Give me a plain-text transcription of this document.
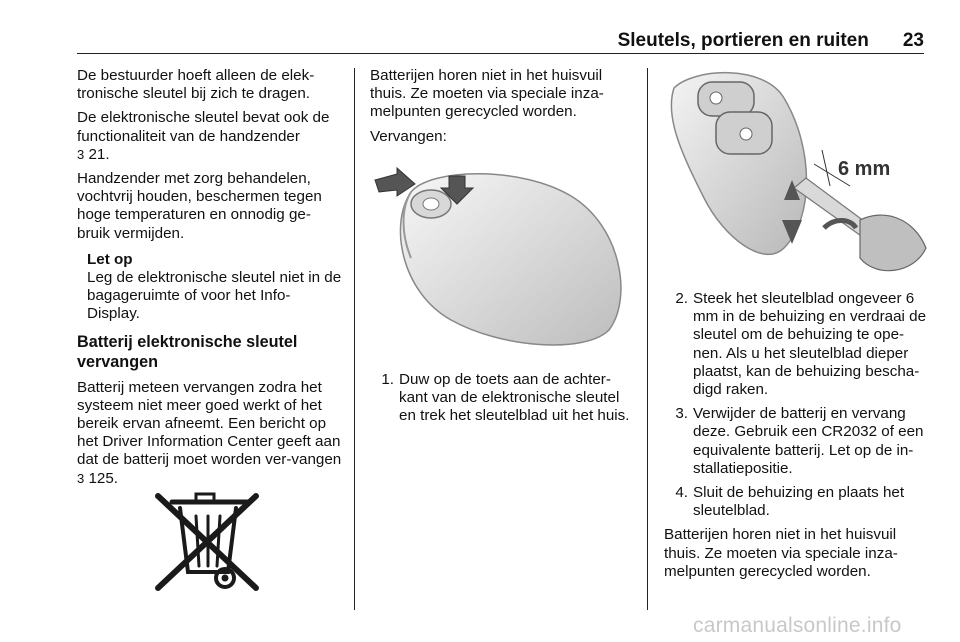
Sleutels, portieren en ruiten 23

De bestuurder hoeft alleen de elek-tronische sleutel bij zich te dragen.

De elektronische sleutel bevat ook de functionaliteit van de handzender
3 21.

Handzender met zorg behandelen, vochtvrij houden, beschermen tegen hoge temperaturen en onnodig ge-bruik vermijden.

Let op
Leg de elektronische sleutel niet in de bagageruimte of voor het Info-Display.
Batterij elektronische sleutel vervangen

Batterij meteen vervangen zodra het systeem niet meer goed werkt of het bereik ervan afneemt. Een bericht op het Driver Information Center geeft aan dat de batterij moet worden ver-vangen 3 125.

Batterijen horen niet in het huisvuil thuis. Ze moeten via speciale inza-melpunten gerecycled worden.

Vervangen:

1. Duw op de toets aan de achter-kant van de elektronische sleutel en trek het sleutelblad uit het huis.
6 mm
2. Steek het sleutelblad ongeveer 6 mm in de behuizing en verdraai de sleutel om de behuizing te ope-nen. Als u het sleutelblad dieper plaatst, kan de behuizing bescha-digd raken.
3. Verwijder de batterij en vervang deze. Gebruik een CR2032 of een equivalente batterij. Let op de in-stallatiepositie.
4. Sluit de behuizing en plaats het sleutelblad.

Batterijen horen niet in het huisvuil thuis. Ze moeten via speciale inza-melpunten gerecycled worden.

carmanualsonline.info
